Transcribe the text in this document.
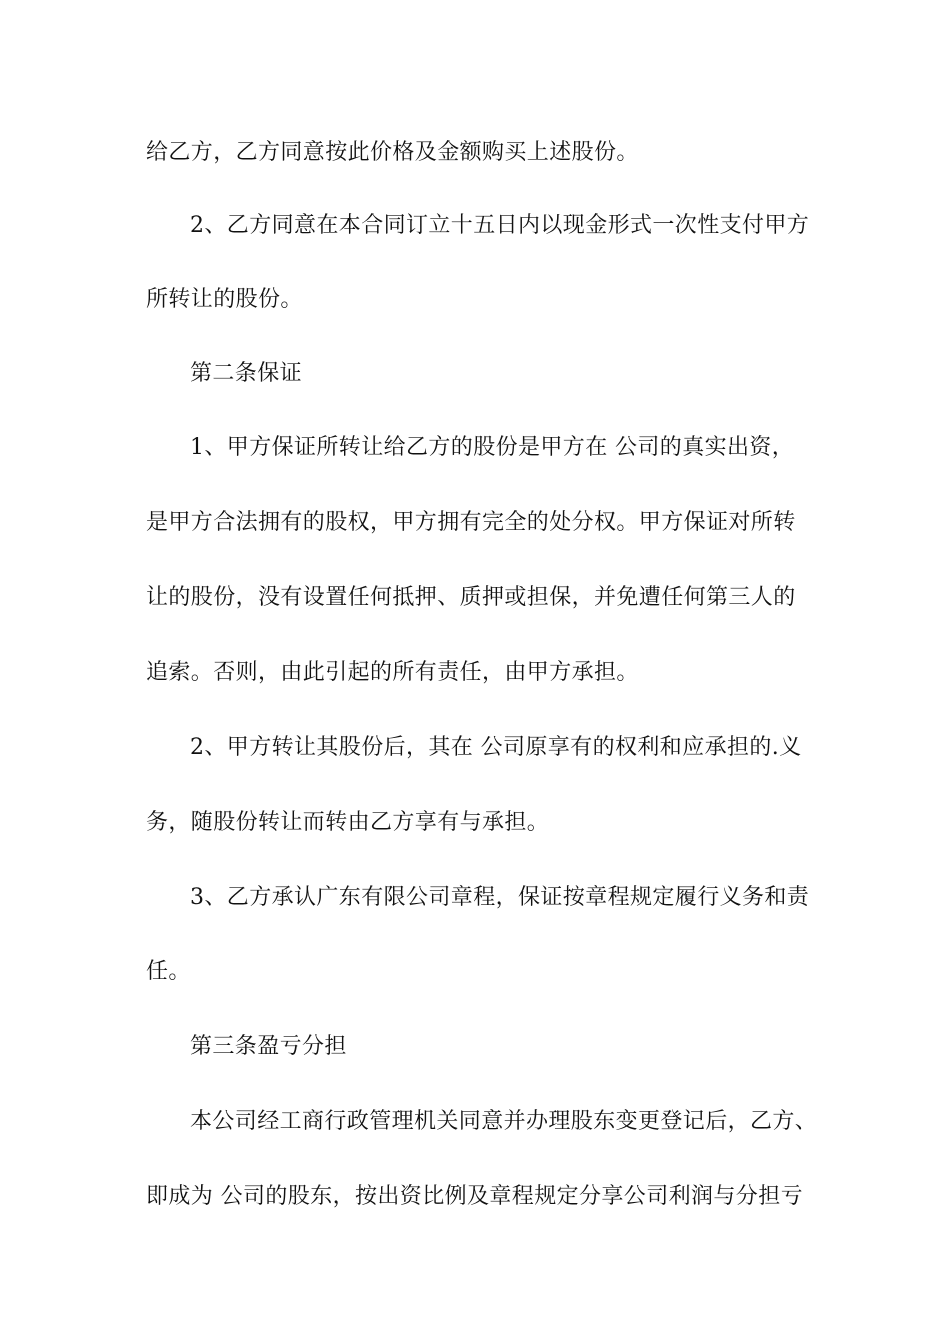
给乙方，乙方同意按此价格及金额购买上述股份。
2、乙方同意在本合同订立十五日内以现金形式一次性支付甲方
所转让的股份。
第二条保证
1、甲方保证所转让给乙方的股份是甲方在 公司的真实出资，
是甲方合法拥有的股权，甲方拥有完全的处分权。甲方保证对所转
让的股份，没有设置任何抵押、质押或担保，并免遭任何第三人的
追索。否则，由此引起的所有责任，由甲方承担。
2、甲方转让其股份后，其在 公司原享有的权利和应承担的.义
务，随股份转让而转由乙方享有与承担。
3、乙方承认广东有限公司章程，保证按章程规定履行义务和责
任。
第三条盈亏分担
本公司经工商行政管理机关同意并办理股东变更登记后，乙方、
即成为 公司的股东，按出资比例及章程规定分享公司利润与分担亏
